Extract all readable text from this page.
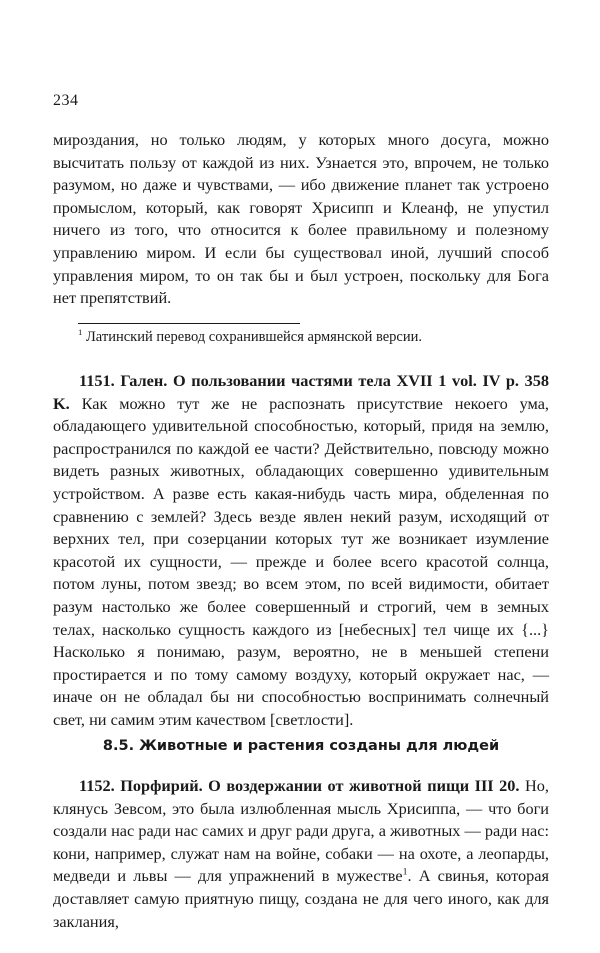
234

мироздания, но только людям, у которых много досуга, можно высчитать пользу от каждой из них. Узнается это, впрочем, не только разумом, но даже и чувствами, — ибо движение планет так устроено промыслом, который, как говорят Хрисипп и Клеанф, не упустил ничего из того, что относится к более правильному и полезному управлению миром. И если бы существовал иной, лучший способ управления миром, то он так бы и был устроен, поскольку для Бога нет препятствий.

$^1$ Латинский перевод сохранившейся армянской версии.

1151. Гален. О пользовании частями тела XVII 1 vol. IV p. 358 K. Как можно тут же не распознать присутствие некоего ума, обладающего удивительной способностью, который, придя на землю, распространился по каждой ее части? Действительно, повсюду можно видеть разных животных, обладающих совершенно удивительным устройством. А разве есть какая-нибудь часть мира, обделенная по сравнению с землей? Здесь везде явлен некий разум, исходящий от верхних тел, при созерцании которых тут же возникает изумление красотой их сущности, — прежде и более всего красотой солнца, потом луны, потом звезд; во всем этом, по всей видимости, обитает разум настолько же более совершенный и строгий, чем в земных телах, насколько сущность каждого из [небесных] тел чище их {...} Насколько я понимаю, разум, вероятно, не в меньшей степени простирается и по тому самому воздуху, который окружает нас, — иначе он не обладал бы ни способностью воспринимать солнечный свет, ни самим этим качеством [светлости].

8.5. Животные и растения созданы для людей

1152. Порфирий. О воздержании от животной пищи III 20. Но, клянусь Зевсом, это была излюбленная мысль Хрисиппа, — что боги создали нас ради нас самих и друг ради друга, а животных — ради нас: кони, например, служат нам на войне, собаки — на охоте, а леопарды, медведи и львы — для упражнений в мужестве$^1$. А свинья, которая доставляет самую приятную пищу, создана не для чего иного, как для заклания,
